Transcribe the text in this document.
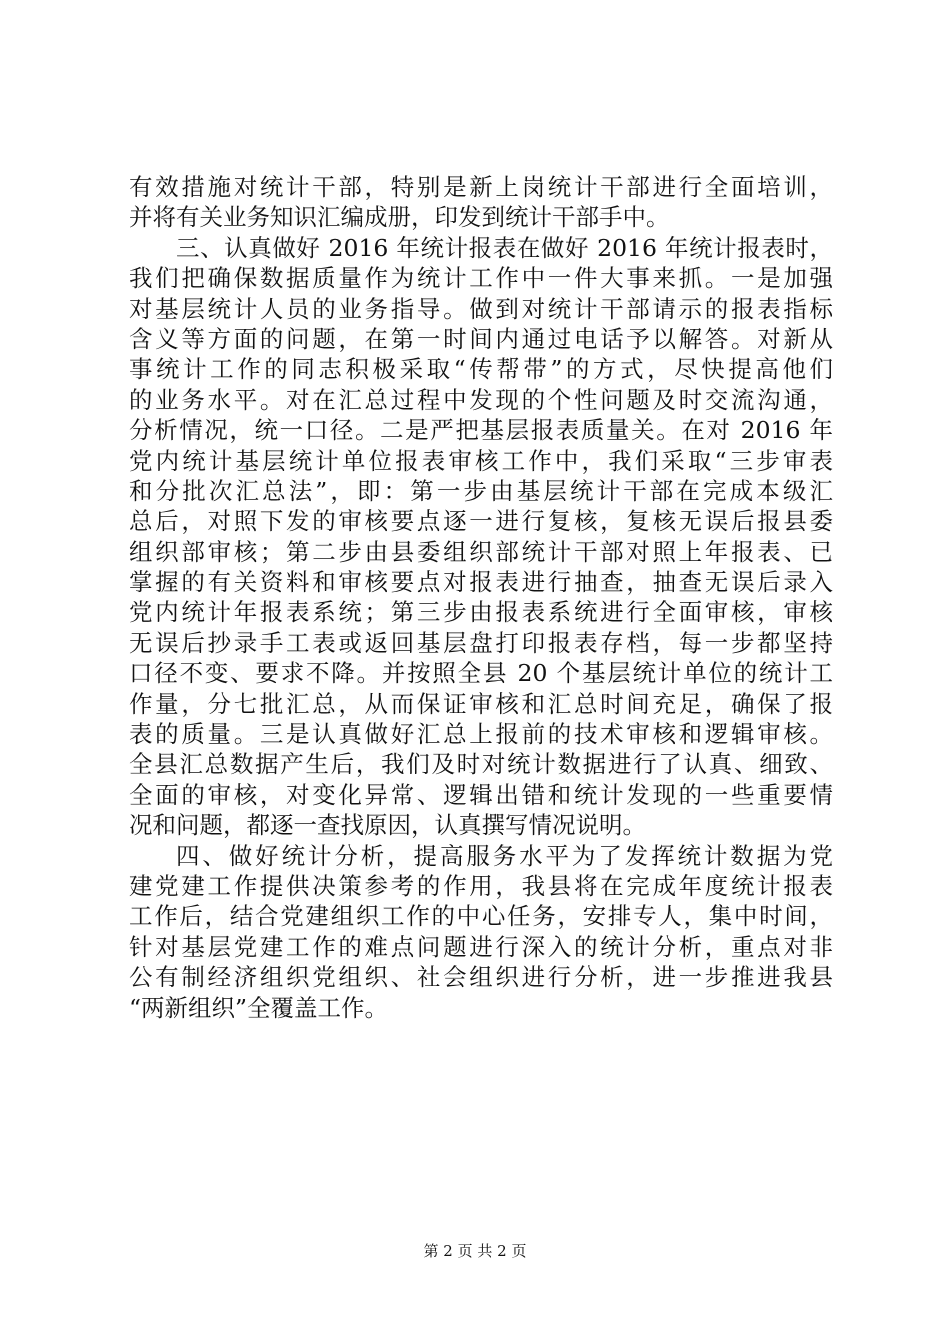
有效措施对统计干部，特别是新上岗统计干部进行全面培训，
并将有关业务知识汇编成册，印发到统计干部手中。
三、认真做好 2016 年统计报表在做好 2016 年统计报表时，
我们把确保数据质量作为统计工作中一件大事来抓。一是加强
对基层统计人员的业务指导。做到对统计干部请示的报表指标
含义等方面的问题，在第一时间内通过电话予以解答。对新从
事统计工作的同志积极采取“传帮带”的方式，尽快提高他们
的业务水平。对在汇总过程中发现的个性问题及时交流沟通，
分析情况，统一口径。二是严把基层报表质量关。在对 2016 年
党内统计基层统计单位报表审核工作中，我们采取“三步审表
和分批次汇总法”，即：第一步由基层统计干部在完成本级汇
总后，对照下发的审核要点逐一进行复核，复核无误后报县委
组织部审核；第二步由县委组织部统计干部对照上年报表、已
掌握的有关资料和审核要点对报表进行抽查，抽查无误后录入
党内统计年报表系统；第三步由报表系统进行全面审核，审核
无误后抄录手工表或返回基层盘打印报表存档，每一步都坚持
口径不变、要求不降。并按照全县 20 个基层统计单位的统计工
作量，分七批汇总，从而保证审核和汇总时间充足，确保了报
表的质量。三是认真做好汇总上报前的技术审核和逻辑审核。
全县汇总数据产生后，我们及时对统计数据进行了认真、细致、
全面的审核，对变化异常、逻辑出错和统计发现的一些重要情
况和问题，都逐一查找原因，认真撰写情况说明。
四、做好统计分析，提高服务水平为了发挥统计数据为党
建党建工作提供决策参考的作用，我县将在完成年度统计报表
工作后，结合党建组织工作的中心任务，安排专人，集中时间，
针对基层党建工作的难点问题进行深入的统计分析，重点对非
公有制经济组织党组织、社会组织进行分析，进一步推进我县
“两新组织”全覆盖工作。
第 2 页 共 2 页
